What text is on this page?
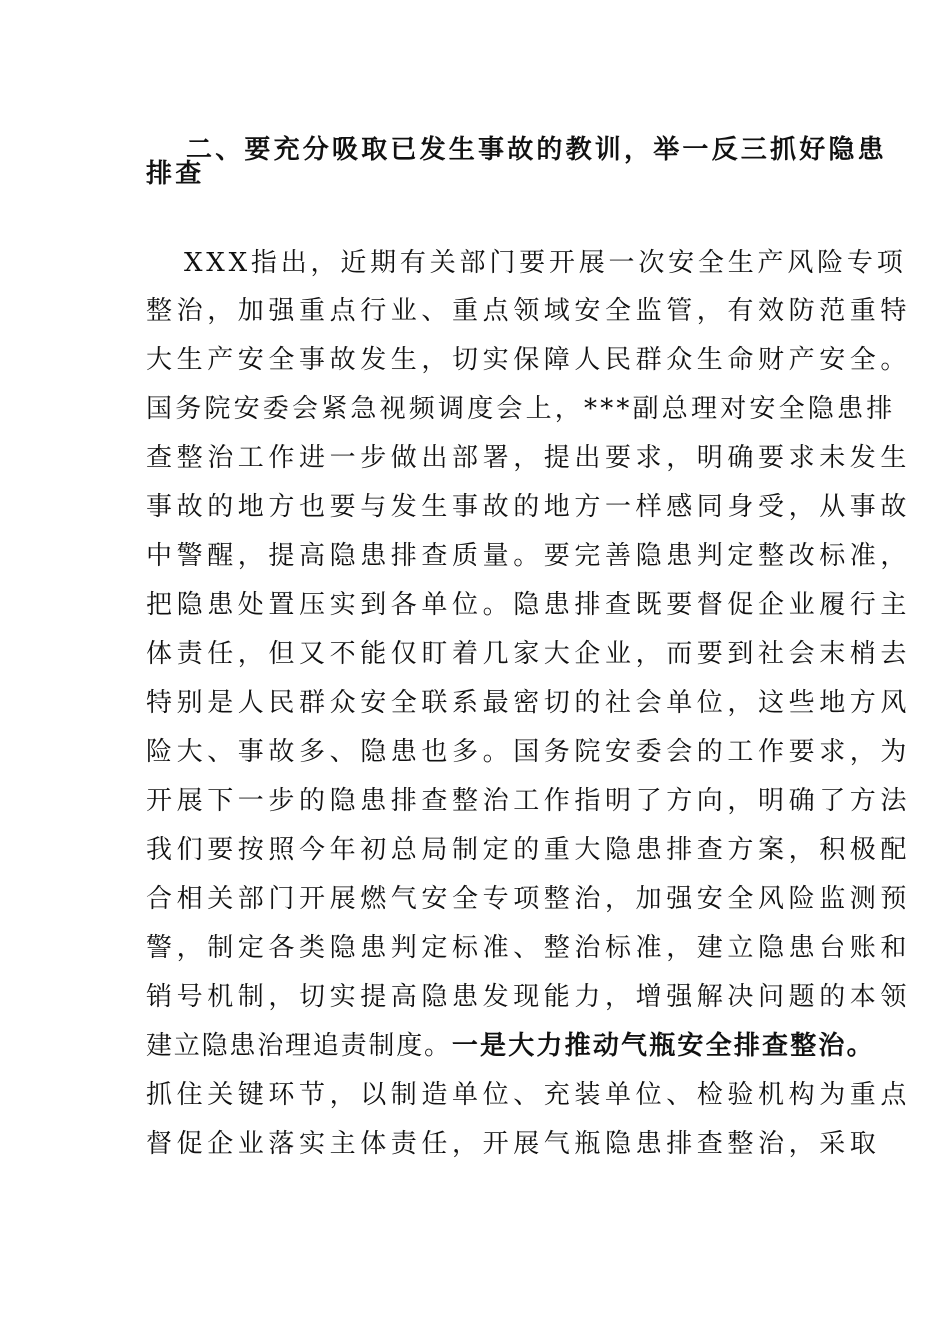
二、要充分吸取已发生事故的教训，举一反三抓好隐患
排查
XXX指出，近期有关部门要开展一次安全生产风险专项
整治，加强重点行业、重点领域安全监管，有效防范重特
大生产安全事故发生，切实保障人民群众生命财产安全。
国务院安委会紧急视频调度会上，***副总理对安全隐患排
查整治工作进一步做出部署，提出要求，明确要求未发生
事故的地方也要与发生事故的地方一样感同身受，从事故
中警醒，提高隐患排查质量。要完善隐患判定整改标准，
把隐患处置压实到各单位。隐患排查既要督促企业履行主
体责任，但又不能仅盯着几家大企业，而要到社会末梢去
特别是人民群众安全联系最密切的社会单位，这些地方风
险大、事故多、隐患也多。国务院安委会的工作要求，为
开展下一步的隐患排查整治工作指明了方向，明确了方法
我们要按照今年初总局制定的重大隐患排查方案，积极配
合相关部门开展燃气安全专项整治，加强安全风险监测预
警，制定各类隐患判定标准、整治标准，建立隐患台账和
销号机制，切实提高隐患发现能力，增强解决问题的本领
建立隐患治理追责制度。一是大力推动气瓶安全排查整治。
抓住关键环节，以制造单位、充装单位、检验机构为重点
督促企业落实主体责任，开展气瓶隐患排查整治，采取
